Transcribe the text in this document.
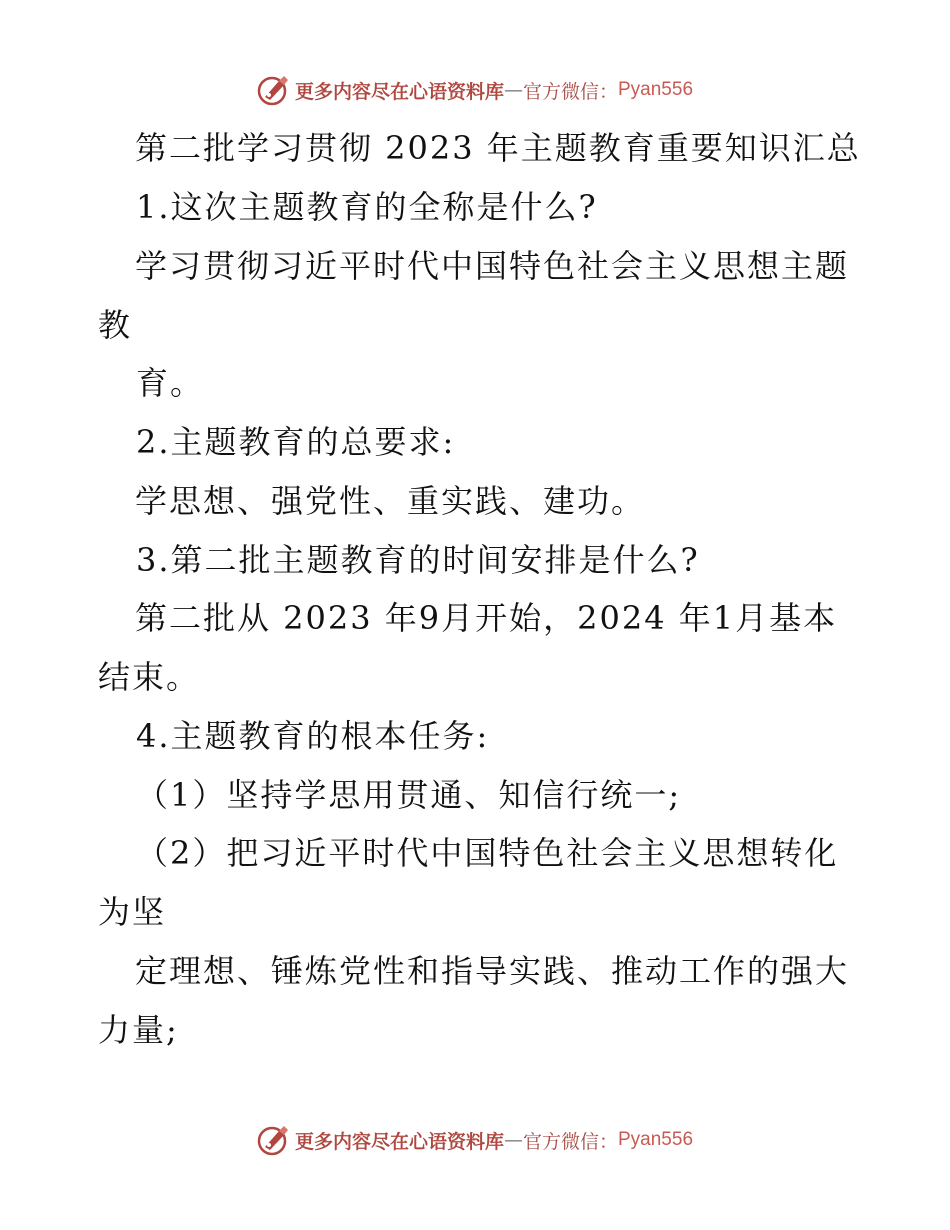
更多内容尽在心语资料库 — 官方微信： Pyan556
第二批学习贯彻 2023 年主题教育重要知识汇总
1.这次主题教育的全称是什么?
学习贯彻习近平时代中国特色社会主义思想主题
教
育。
2.主题教育的总要求:
学思想、强党性、重实践、建功。
3.第二批主题教育的时间安排是什么?
第二批从 2023 年9月开始，2024 年1月基本
结束。
4.主题教育的根本任务:
（1）坚持学思用贯通、知信行统一;
（2）把习近平时代中国特色社会主义思想转化
为坚
定理想、锤炼党性和指导实践、推动工作的强大
力量;
更多内容尽在心语资料库 — 官方微信： Pyan556
